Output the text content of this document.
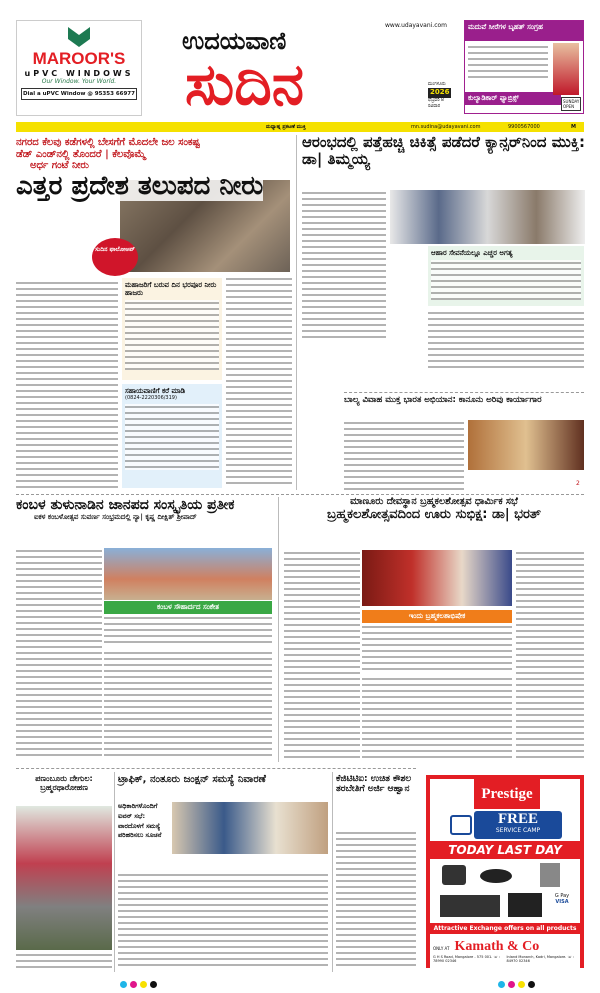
MAROOR'S
uPVC WINDOWS
Our Window. Your World.
Dial a uPVC Window @ 95353 66977
ಉದಯವಾಣಿ
ಸುದಿನ
www.udayavani.com
ಮಂಗಳೂರು
2026
ಫೆಬ್ರವರಿ 8
ರವಿವಾರ
ಮದುವೆ ಸೀರೆಗಳ ಬೃಹತ್ ಸಂಗ್ರಹ
ಕುಲ್ಯಾಡಿಕಾರ್ ಫ್ಯಾಬ್ರಿಕ್ಸ್	SUNDAY OPEN
ಮಧ್ಯಾಹ್ನ ಪ್ರಕಟಣೆ ಮುಕ್ತಿ	mn.sudina@udayavani.com	9900567000	M
ನಗರದ ಕೆಲವು ಕಡೆಗಳಲ್ಲಿ ಬೇಸಗೆಗೆ ಮೊದಲೇ ಜಲ ಸಂಕಷ್ಟ
ಡೆಡ್ ಎಂಡ್‌ನಲ್ಲಿ ತೊಂದರೆ | ಕೆಲವೊಮ್ಮೆ
ಅರ್ಧ ಗಂಟೆ ನೀರು
ಎತ್ತರ ಪ್ರದೇಶ ತಲುಪದ ನೀರು
ಸುದಿನ ಫಾಲೋಅಪ್
ಮಹಾಜರಿಗೆ ಬರುವ ದಿನ ಭರಪೂರ ನೀರು ಹಾಜರು
ಸಹಾಯವಾಣಿಗೆ ಕರೆ ಮಾಡಿ
(0824-2220306/319)
ಆರಂಭದಲ್ಲಿ ಪತ್ತೆಹಚ್ಚಿ ಚಿಕಿತ್ಸೆ ಪಡೆದರೆ ಕ್ಯಾನ್ಸರ್‌ನಿಂದ ಮುಕ್ತಿ: ಡಾ| ತಿಮ್ಮಯ್ಯ
ಆಹಾರ ಸೇವನೆಯಲ್ಲೂ ಎಚ್ಚರ ಅಗತ್ಯ
ಬಾಲ್ಯ ವಿವಾಹ ಮುಕ್ತ ಭಾರತ ಅಭಿಯಾನ: ಕಾನೂನು ಅರಿವು ಕಾರ್ಯಾಗಾರ
2
ಕಂಬಳ ತುಳುನಾಡಿನ ಜಾನಪದ ಸಂಸ್ಕೃತಿಯ ಪ್ರತೀಕ
ಐಕಳ ಕಂಬಳೋತ್ಸವ ಸುವರ್ಣ ಸಂಭ್ರಮದಲ್ಲಿ ನ್ಯಾ| ಕೃಷ್ಣ ದೀಕ್ಷಿತ್ ಶ್ರೀಪಾದ್
ಕಂಬಳ ಸೌಹಾರ್ದದ ಸಂಕೇತ
ಮಾಣೂರು ದೇವಸ್ಥಾನ ಬ್ರಹ್ಮಕಲಶೋತ್ಸವ ಧಾರ್ಮಿಕ ಸಭೆ
ಬ್ರಹ್ಮಕಲಶೋತ್ಸವದಿಂದ ಊರು ಸುಭಿಕ್ಷ: ಡಾ| ಭರತ್
ಇಂದು ಬ್ರಹ್ಮಕಲಶಾಭಿಷೇಕ
ಪಣಂಬೂರು ದೇಗುಲ: ಬ್ರಹ್ಮರಥಾರೋಹಣ
ಟ್ರಾಫಿಕ್, ನಂತೂರು ಜಂಕ್ಷನ್ ಸಮಸ್ಯೆ ನಿವಾರಣೆ
ಅಧಿಕಾರಿಗಳೊಂದಿಗೆ ಐವನ್ ಸಭೆ: ವಾರದೊಳಗೆ ಸಮಸ್ಯೆ ಪರಿಹರಿಸಲು ಸೂಚನೆ
ಕೆಜಿಟಿಟಿಐ: ಉಚಿತ ಕೌಶಲ ತರಬೇತಿಗೆ ಅರ್ಜಿ ಆಹ್ವಾನ	Prestige
FREE
SERVICE CAMP
TODAY LAST DAY
G Pay
VISA
Attractive Exchange offers on all products
ONLY AT Kamath & Co
G H S Road, Mangalore - 575 001. ☏ : 78990 02346
Inland Monarch, Kadri, Mangalore. ☏ : 84970 02346
ARE YOU READY FOR A SMARTER KITCHEN
